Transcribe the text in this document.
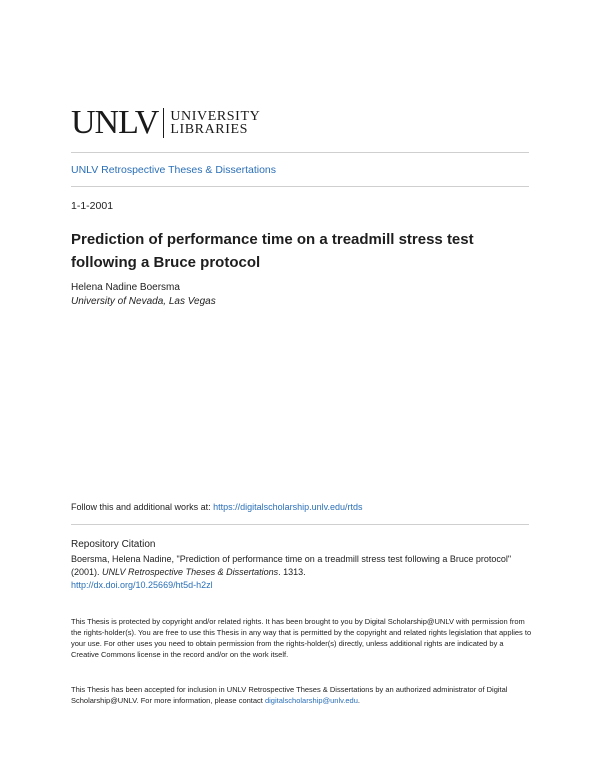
UNLV UNIVERSITY
LIBRARIES
UNLV Retrospective Theses & Dissertations
1-1-2001
Prediction of performance time on a treadmill stress test following a Bruce protocol
Helena Nadine Boersma
University of Nevada, Las Vegas
Follow this and additional works at: https://digitalscholarship.unlv.edu/rtds
Repository Citation
Boersma, Helena Nadine, "Prediction of performance time on a treadmill stress test following a Bruce protocol" (2001). UNLV Retrospective Theses & Dissertations. 1313.
http://dx.doi.org/10.25669/ht5d-h2zl
This Thesis is protected by copyright and/or related rights. It has been brought to you by Digital Scholarship@UNLV with permission from the rights-holder(s). You are free to use this Thesis in any way that is permitted by the copyright and related rights legislation that applies to your use. For other uses you need to obtain permission from the rights-holder(s) directly, unless additional rights are indicated by a Creative Commons license in the record and/or on the work itself.
This Thesis has been accepted for inclusion in UNLV Retrospective Theses & Dissertations by an authorized administrator of Digital Scholarship@UNLV. For more information, please contact digitalscholarship@unlv.edu.
